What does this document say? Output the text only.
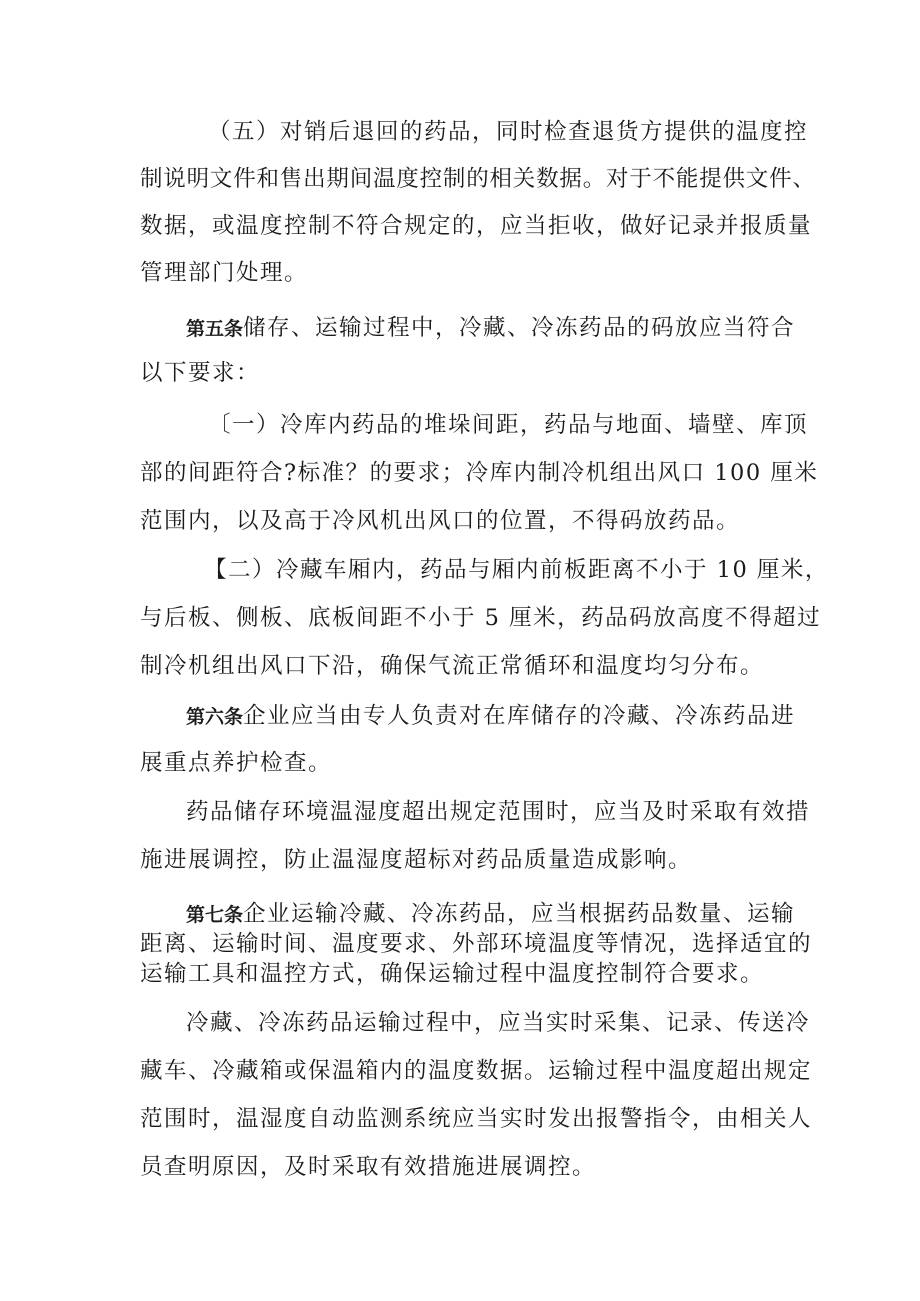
（五）对销后退回的药品，同时检查退货方提供的温度控
制说明文件和售出期间温度控制的相关数据。对于不能提供文件、
数据，或温度控制不符合规定的，应当拒收，做好记录并报质量
管理部门处理。
第五条储存、运输过程中，冷藏、冷冻药品的码放应当符合
以下要求：
〔一）冷库内药品的堆垛间距，药品与地面、墙壁、库顶
部的间距符合?标准？的要求；冷库内制冷机组出风口 100 厘米
范围内，以及高于冷风机出风口的位置，不得码放药品。
【二）冷藏车厢内，药品与厢内前板距离不小于 10 厘米，
与后板、侧板、底板间距不小于 5 厘米，药品码放高度不得超过
制冷机组出风口下沿，确保气流正常循环和温度均匀分布。
第六条企业应当由专人负责对在库储存的冷藏、冷冻药品进
展重点养护检查。
药品储存环境温湿度超出规定范围时，应当及时采取有效措
施进展调控，防止温湿度超标对药品质量造成影响。
第七条企业运输冷藏、冷冻药品，应当根据药品数量、运输
距离、运输时间、温度要求、外部环境温度等情况，选择适宜的
运输工具和温控方式，确保运输过程中温度控制符合要求。
冷藏、冷冻药品运输过程中，应当实时采集、记录、传送冷
藏车、冷藏箱或保温箱内的温度数据。运输过程中温度超出规定
范围时，温湿度自动监测系统应当实时发出报警指令，由相关人
员查明原因，及时采取有效措施进展调控。
